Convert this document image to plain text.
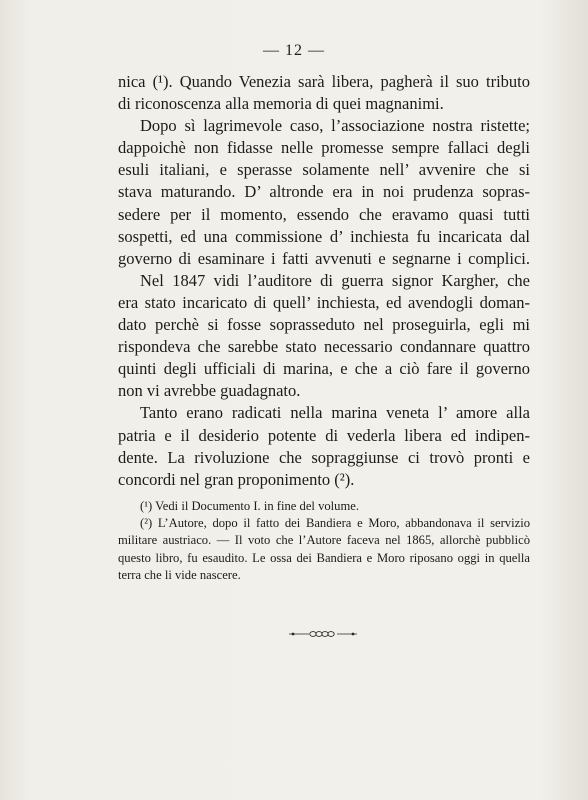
— 12 —

nica (¹). Quando Venezia sarà libera, pagherà il suo tributo
di riconoscenza alla memoria di quei magnanimi.

Dopo sì lagrimevole caso, l’associazione nostra ristette;
dappoichè non fidasse nelle promesse sempre fallaci degli
esuli italiani, e sperasse solamente nell’ avvenire che si
stava maturando. D’ altronde era in noi prudenza sopras-
sedere per il momento, essendo che eravamo quasi tutti
sospetti, ed una commissione d’ inchiesta fu incaricata dal
governo di esaminare i fatti avvenuti e segnarne i complici.

Nel 1847 vidi l’auditore di guerra signor Kargher, che
era stato incaricato di quell’ inchiesta, ed avendogli doman-
dato perchè si fosse soprasseduto nel proseguirla, egli mi
rispondeva che sarebbe stato necessario condannare quattro
quinti degli ufficiali di marina, e che a ciò fare il governo
non vi avrebbe guadagnato.

Tanto erano radicati nella marina veneta l’ amore alla
patria e il desiderio potente di vederla libera ed indipen-
dente. La rivoluzione che sopraggiunse ci trovò pronti e
concordi nel gran proponimento (²).

(¹) Vedi il Documento I. in fine del volume.
(²) L’Autore, dopo il fatto dei Bandiera e Moro, abbandonava il servizio
militare austriaco. — Il voto che l’Autore faceva nel 1865, allorchè pubblicò
questo libro, fu esaudito. Le ossa dei Bandiera e Moro riposano oggi in quella
terra che li vide nascere.
